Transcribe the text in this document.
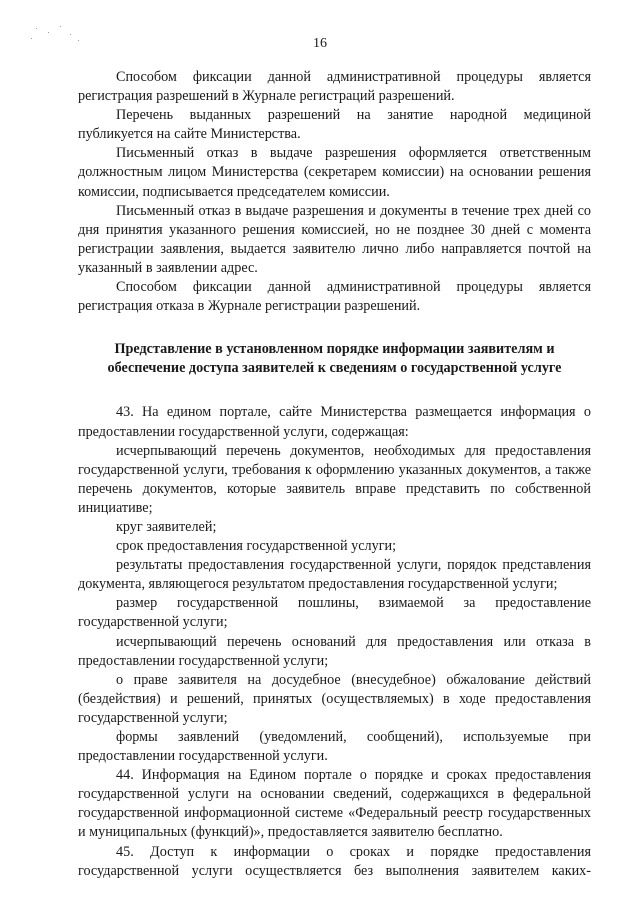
16

Способом фиксации данной административной процедуры является регистрация разрешений в Журнале регистраций разрешений.

Перечень выданных разрешений на занятие народной медициной публикуется на сайте Министерства.

Письменный отказ в выдаче разрешения оформляется ответственным должностным лицом Министерства (секретарем комиссии) на основании решения комиссии, подписывается председателем комиссии.

Письменный отказ в выдаче разрешения и документы в течение трех дней со дня принятия указанного решения комиссией, но не позднее 30 дней с момента регистрации заявления, выдается заявителю лично либо направляется почтой на указанный в заявлении адрес.

Способом фиксации данной административной процедуры является регистрация отказа в Журнале регистрации разрешений.

Представление в установленном порядке информации заявителям и
обеспечение доступа заявителей к сведениям о государственной услуге

43. На едином портале, сайте Министерства размещается информация о предоставлении государственной услуги, содержащая:

исчерпывающий перечень документов, необходимых для предоставления государственной услуги, требования к оформлению указанных документов, а также перечень документов, которые заявитель вправе представить по собственной инициативе;

круг заявителей;

срок предоставления государственной услуги;

результаты предоставления государственной услуги, порядок представления документа, являющегося результатом предоставления государственной услуги;

размер государственной пошлины, взимаемой за предоставление государственной услуги;

исчерпывающий перечень оснований для предоставления или отказа в предоставлении государственной услуги;

о праве заявителя на досудебное (внесудебное) обжалование действий (бездействия) и решений, принятых (осуществляемых) в ходе предоставления государственной услуги;

формы заявлений (уведомлений, сообщений), используемые при предоставлении государственной услуги.

44. Информация на Едином портале о порядке и сроках предоставления государственной услуги на основании сведений, содержащихся в федеральной государственной информационной системе «Федеральный реестр государственных и муниципальных (функций)», предоставляется заявителю бесплатно.

45. Доступ к информации о сроках и порядке предоставления государственной услуги осуществляется без выполнения заявителем каких-
